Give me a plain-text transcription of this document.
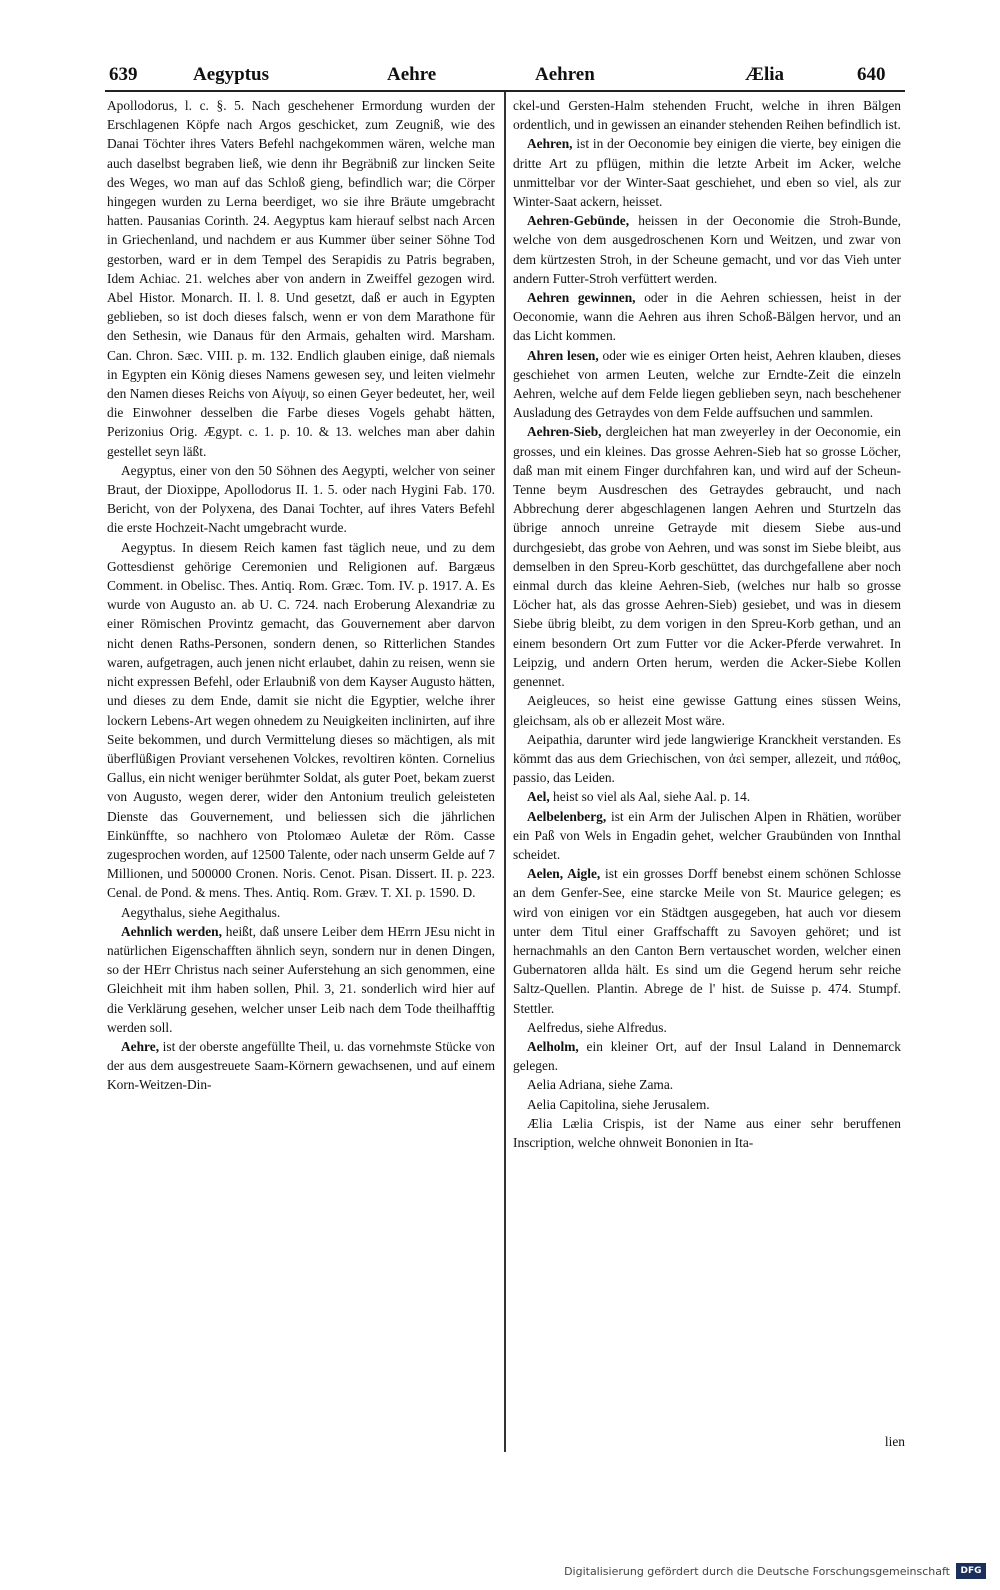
639	Aegyptus	Aehre	Aehren	Ælia	640

Apollodorus, l. c. §. 5. Nach geschehener Ermordung wurden der Erschlagenen Köpfe nach Argos geschicket, zum Zeugniß, wie des Danai Töchter ihres Vaters Befehl nachgekommen wären, welche man auch daselbst begraben ließ, wie denn ihr Begräbniß zur lincken Seite des Weges, wo man auf das Schloß gieng, befindlich war; die Cörper hingegen wurden zu Lerna beerdiget, wo sie ihre Bräute umgebracht hatten. Pausanias Corinth. 24. Aegyptus kam hierauf selbst nach Arcen in Griechenland, und nachdem er aus Kummer über seiner Söhne Tod gestorben, ward er in dem Tempel des Serapidis zu Patris begraben, Idem Achiac. 21. welches aber von andern in Zweiffel gezogen wird. Abel Histor. Monarch. II. l. 8. Und gesetzt, daß er auch in Egypten geblieben, so ist doch dieses falsch, wenn er von dem Marathone für den Sethesin, wie Danaus für den Armais, gehalten wird. Marsham. Can. Chron. Sæc. VIII. p. m. 132. Endlich glauben einige, daß niemals in Egypten ein König dieses Namens gewesen sey, und leiten vielmehr den Namen dieses Reichs von Αἰγυψ, so einen Geyer bedeutet, her, weil die Einwohner desselben die Farbe dieses Vogels gehabt hätten, Perizonius Orig. Ægypt. c. 1. p. 10. & 13. welches man aber dahin gestellet seyn läßt.

Aegyptus, einer von den 50 Söhnen des Aegypti, welcher von seiner Braut, der Dioxippe, Apollodorus II. 1. 5. oder nach Hygini Fab. 170. Bericht, von der Polyxena, des Danai Tochter, auf ihres Vaters Befehl die erste Hochzeit-Nacht umgebracht wurde.

Aegyptus. In diesem Reich kamen fast täglich neue, und zu dem Gottesdienst gehörige Ceremonien und Religionen auf. Bargæus Comment. in Obelisc. Thes. Antiq. Rom. Græc. Tom. IV. p. 1917. A. Es wurde von Augusto an. ab U. C. 724. nach Eroberung Alexandriæ zu einer Römischen Provintz gemacht, das Gouvernement aber darvon nicht denen Raths-Personen, sondern denen, so Ritterlichen Standes waren, aufgetragen, auch jenen nicht erlaubet, dahin zu reisen, wenn sie nicht expressen Befehl, oder Erlaubniß von dem Kayser Augusto hätten, und dieses zu dem Ende, damit sie nicht die Egyptier, welche ihrer lockern Lebens-Art wegen ohnedem zu Neuigkeiten inclinirten, auf ihre Seite bekommen, und durch Vermittelung dieses so mächtigen, als mit überflüßigen Proviant versehenen Volckes, revoltiren könten. Cornelius Gallus, ein nicht weniger berühmter Soldat, als guter Poet, bekam zuerst von Augusto, wegen derer, wider den Antonium treulich geleisteten Dienste das Gouvernement, und beliessen sich die jährlichen Einkünffte, so nachhero von Ptolomæo Auletæ der Röm. Casse zugesprochen worden, auf 12500 Talente, oder nach unserm Gelde auf 7 Millionen, und 500000 Cronen. Noris. Cenot. Pisan. Dissert. II. p. 223. Cenal. de Pond. & mens. Thes. Antiq. Rom. Græv. T. XI. p. 1590. D.

Aegythalus, siehe Aegithalus.

Aehnlich werden, heißt, daß unsere Leiber dem HErrn JEsu nicht in natürlichen Eigenschafften ähnlich seyn, sondern nur in denen Dingen, so der HErr Christus nach seiner Auferstehung an sich genommen, eine Gleichheit mit ihm haben sollen, Phil. 3, 21. sonderlich wird hier auf die Verklärung gesehen, welcher unser Leib nach dem Tode theilhafftig werden soll.

Aehre, ist der oberste angefüllte Theil, u. das vornehmste Stücke von der aus dem ausgestreuete Saam-Körnern gewachsenen, und auf einem Korn-Weitzen-Din-

ckel-und Gersten-Halm stehenden Frucht, welche in ihren Bälgen ordentlich, und in gewissen an einander stehenden Reihen befindlich ist.

Aehren, ist in der Oeconomie bey einigen die vierte, bey einigen die dritte Art zu pflügen, mithin die letzte Arbeit im Acker, welche unmittelbar vor der Winter-Saat geschiehet, und eben so viel, als zur Winter-Saat ackern, heisset.

Aehren-Gebünde, heissen in der Oeconomie die Stroh-Bunde, welche von dem ausgedroschenen Korn und Weitzen, und zwar von dem kürtzesten Stroh, in der Scheune gemacht, und vor das Vieh unter andern Futter-Stroh verfüttert werden.

Aehren gewinnen, oder in die Aehren schiessen, heist in der Oeconomie, wann die Aehren aus ihren Schoß-Bälgen hervor, und an das Licht kommen.

Ahren lesen, oder wie es einiger Orten heist, Aehren klauben, dieses geschiehet von armen Leuten, welche zur Erndte-Zeit die einzeln Aehren, welche auf dem Felde liegen geblieben seyn, nach beschehener Ausladung des Getraydes von dem Felde auffsuchen und sammlen.

Aehren-Sieb, dergleichen hat man zweyerley in der Oeconomie, ein grosses, und ein kleines. Das grosse Aehren-Sieb hat so grosse Löcher, daß man mit einem Finger durchfahren kan, und wird auf der Scheun-Tenne beym Ausdreschen des Getraydes gebraucht, und nach Abbrechung derer abgeschlagenen langen Aehren und Sturtzeln das übrige annoch unreine Getrayde mit diesem Siebe aus-und durchgesiebt, das grobe von Aehren, und was sonst im Siebe bleibt, aus demselben in den Spreu-Korb geschüttet, das durchgefallene aber noch einmal durch das kleine Aehren-Sieb, (welches nur halb so grosse Löcher hat, als das grosse Aehren-Sieb) gesiebet, und was in diesem Siebe übrig bleibt, zu dem vorigen in den Spreu-Korb gethan, und an einem besondern Ort zum Futter vor die Acker-Pferde verwahret. In Leipzig, und andern Orten herum, werden die Acker-Siebe Kollen genennet.

Aeigleuces, so heist eine gewisse Gattung eines süssen Weins, gleichsam, als ob er allezeit Most wäre.

Aeipathia, darunter wird jede langwierige Kranckheit verstanden. Es kömmt das aus dem Griechischen, von ἀεὶ semper, allezeit, und πάθος, passio, das Leiden.

Ael, heist so viel als Aal, siehe Aal. p. 14.

Aelbelenberg, ist ein Arm der Julischen Alpen in Rhätien, worüber ein Paß von Wels in Engadin gehet, welcher Graubünden von Innthal scheidet.

Aelen, Aigle, ist ein grosses Dorff benebst einem schönen Schlosse an dem Genfer-See, eine starcke Meile von St. Maurice gelegen; es wird von einigen vor ein Städtgen ausgegeben, hat auch vor diesem unter dem Titul einer Graffschafft zu Savoyen gehöret; und ist hernachmahls an den Canton Bern vertauschet worden, welcher einen Gubernatoren allda hält. Es sind um die Gegend herum sehr reiche Saltz-Quellen. Plantin. Abrege de l' hist. de Suisse p. 474. Stumpf. Stettler.

Aelfredus, siehe Alfredus.

Aelholm, ein kleiner Ort, auf der Insul Laland in Dennemarck gelegen.

Aelia Adriana, siehe Zama.

Aelia Capitolina, siehe Jerusalem.

Ælia Lælia Crispis, ist der Name aus einer sehr beruffenen Inscription, welche ohnweit Bononien in Ita-

lien
Digitalisierung gefördert durch die Deutsche Forschungsgemeinschaft	DFG
